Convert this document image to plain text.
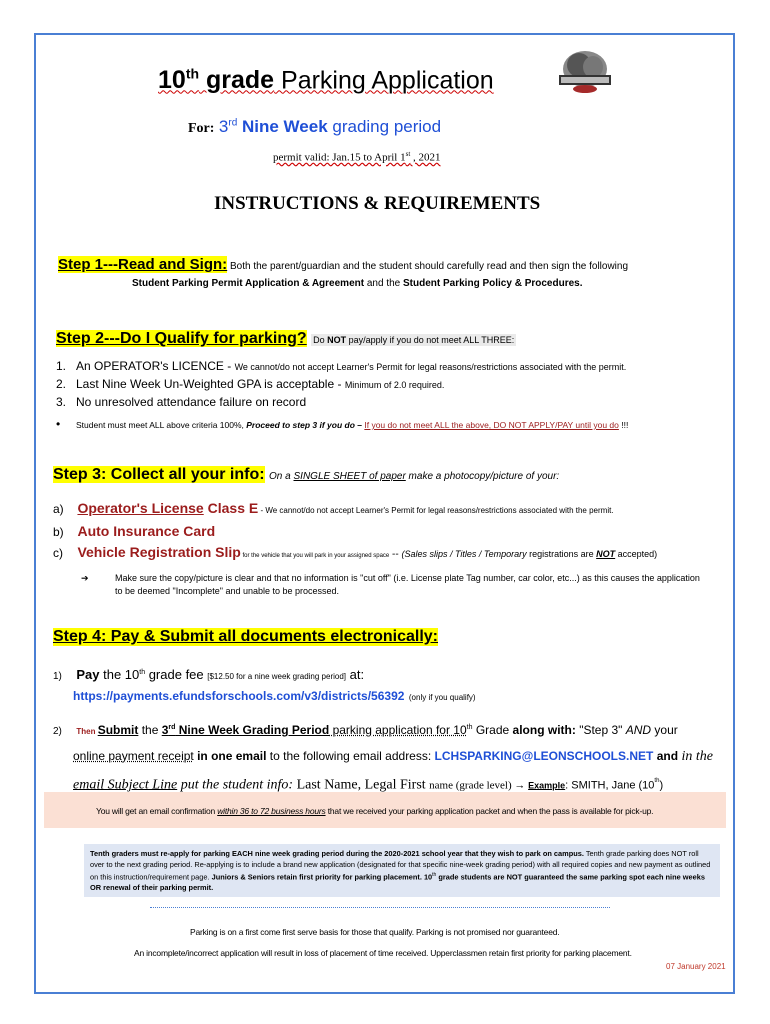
10th grade Parking Application
For: 3rd Nine Week grading period
permit valid: Jan.15 to April 1st , 2021
INSTRUCTIONS & REQUIREMENTS
Step 1---Read and Sign: Both the parent/guardian and the student should carefully read and then sign the following
Student Parking Permit Application & Agreement and the Student Parking Policy & Procedures.
Step 2---Do I Qualify for parking? Do NOT pay/apply if you do not meet ALL THREE:
1. An OPERATOR's LICENCE - We cannot/do not accept Learner's Permit for legal reasons/restrictions associated with the permit.
2. Last Nine Week Un-Weighted GPA is acceptable - Minimum of 2.0 required.
3. No unresolved attendance failure on record
• Student must meet ALL above criteria 100%, Proceed to step 3 if you do – If you do not meet ALL the above, DO NOT APPLY/PAY until you do !!!
Step 3: Collect all your info: On a SINGLE SHEET of paper make a photocopy/picture of your:
a) Operator's License Class E - We cannot/do not accept Learner's Permit for legal reasons/restrictions associated with the permit.
b) Auto Insurance Card
c) Vehicle Registration Slip for the vehicle that you will park in your assigned space -- (Sales slips / Titles / Temporary registrations are NOT accepted)
➔	Make sure the copy/picture is clear and that no information is "cut off" (i.e. License plate Tag number, car color, etc...) as this causes the application to be deemed "Incomplete" and unable to be processed.
Step 4: Pay & Submit all documents electronically:
1) Pay the 10th grade fee [$12.50 for a nine week grading period] at:
https://payments.efundsforschools.com/v3/districts/56392 (only if you qualify)
2) Then Submit the 3rd Nine Week Grading Period parking application for 10th Grade along with: "Step 3" AND your
online payment receipt in one email to the following email address: LCHSPARKING@LEONSCHOOLS.NET and in the
email Subject Line put the student info: Last Name, Legal First name (grade level) → Example: SMITH, Jane (10th)
You will get an email confirmation within 36 to 72 business hours that we received your parking application packet and when the pass is available for pick-up.
Tenth graders must re-apply for parking EACH nine week grading period during the 2020-2021 school year that they wish to park on campus. Tenth grade parking does NOT roll over to the next grading period. Re-applying is to include a brand new application (designated for that specific nine-week grading period) with all required copies and new payment as outlined on this instruction/requirement page. Juniors & Seniors retain first priority for parking placement. 10th grade students are NOT guaranteed the same parking spot each nine weeks OR renewal of their parking permit.
Parking is on a first come first serve basis for those that qualify. Parking is not promised nor guaranteed.
An incomplete/incorrect application will result in loss of placement of time received. Upperclassmen retain first priority for parking placement.
07 January 2021
